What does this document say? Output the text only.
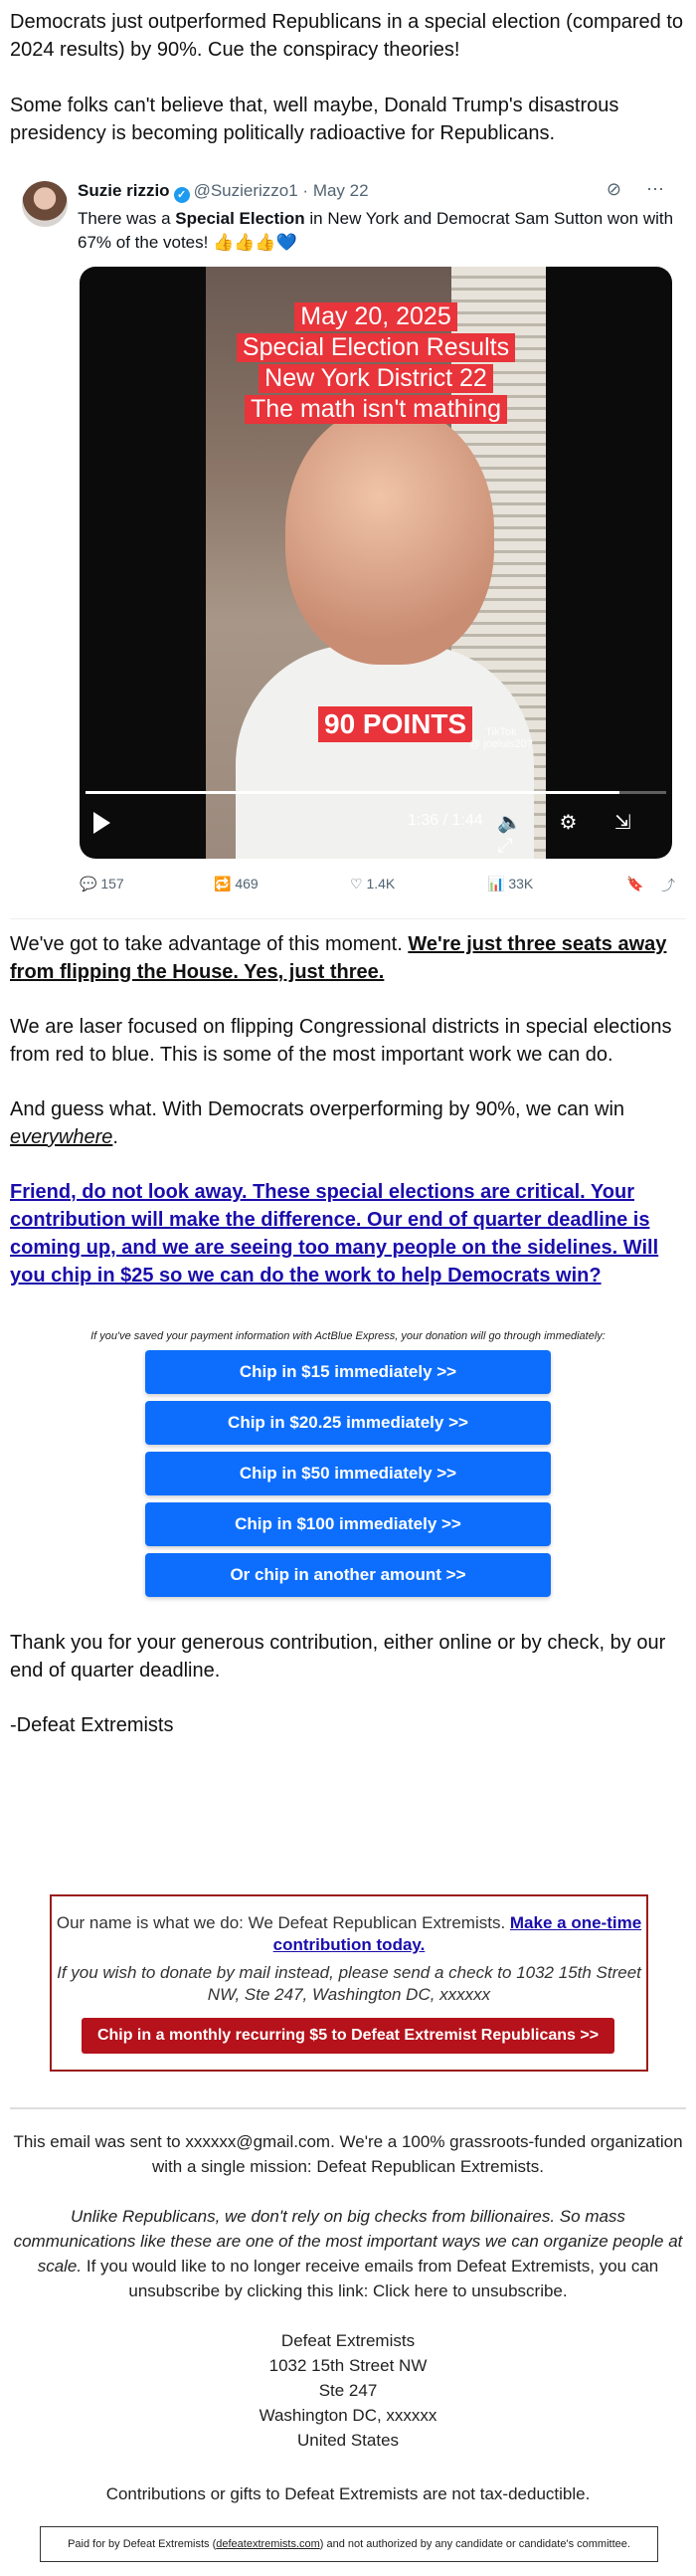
Democrats just outperformed Republicans in a special election (compared to 2024 results) by 90%. Cue the conspiracy theories!

Some folks can't believe that, well maybe, Donald Trump's disastrous presidency is becoming politically radioactive for Republicans.

Suzie rizzio ✓ @Suzierizzo1 · May 22	⊘ ⋯
There was a Special Election in New York and Democrat Sam Sutton won with 67% of the votes! 👍👍👍💙
May 20, 2025
Special Election Results
New York District 22
The math isn't mathing
90 POINTS	TikTok
@ joeluis20?
1:36 / 1:44 🔈 ⚙ ⇲ ⤢
💬 157	🔁 469	♡ 1.4K	📊 33K	🔖 ⤴

We've got to take advantage of this moment. We're just three seats away from flipping the House. Yes, just three.

We are laser focused on flipping Congressional districts in special elections from red to blue. This is some of the most important work we can do.

And guess what. With Democrats overperforming by 90%, we can win everywhere.

Friend, do not look away. These special elections are critical. Your contribution will make the difference. Our end of quarter deadline is coming up, and we are seeing too many people on the sidelines. Will you chip in $25 so we can do the work to help Democrats win?

If you've saved your payment information with ActBlue Express, your donation will go through immediately:
Chip in $15 immediately >>
Chip in $20.25 immediately >>
Chip in $50 immediately >>
Chip in $100 immediately >>
Or chip in another amount >>

Thank you for your generous contribution, either online or by check, by our end of quarter deadline.

-Defeat Extremists

Our name is what we do: We Defeat Republican Extremists. Make a one-time contribution today.
If you wish to donate by mail instead, please send a check to 1032 15th Street NW, Ste 247, Washington DC, xxxxxx
Chip in a monthly recurring $5 to Defeat Extremist Republicans >>
This email was sent to xxxxxx@gmail.com. We're a 100% grassroots-funded organization with a single mission: Defeat Republican Extremists.
Unlike Republicans, we don't rely on big checks from billionaires. So mass communications like these are one of the most important ways we can organize people at scale. If you would like to no longer receive emails from Defeat Extremists, you can unsubscribe by clicking this link: Click here to unsubscribe.
Defeat Extremists
1032 15th Street NW
Ste 247
Washington DC, xxxxxx
United States
Contributions or gifts to Defeat Extremists are not tax-deductible.
Paid for by Defeat Extremists (defeatextremists.com) and not authorized by any candidate or candidate's committee.
